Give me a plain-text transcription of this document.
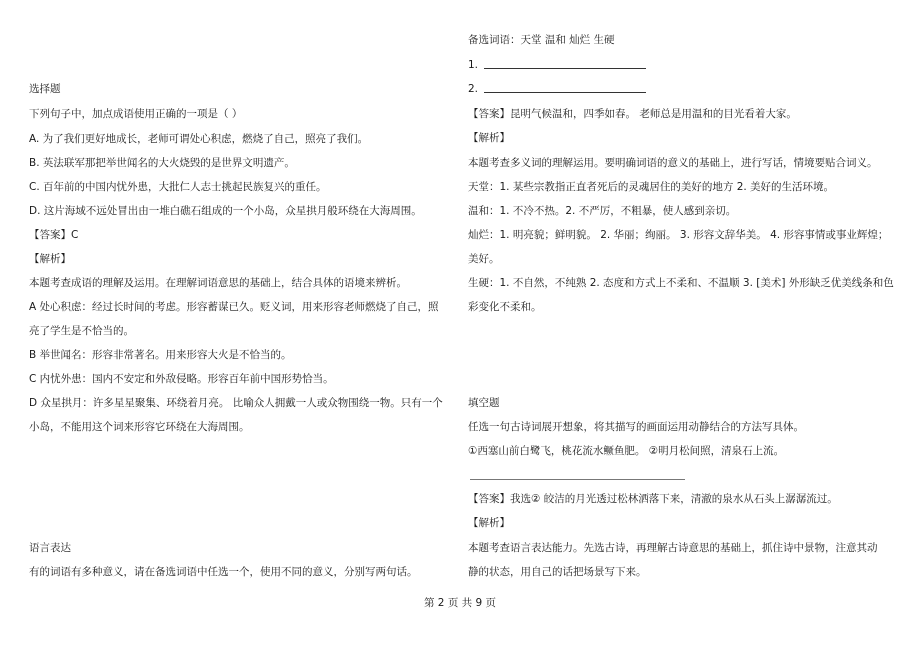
选择题
下列句子中，加点成语使用正确的一项是（ ）
A. 为了我们更好地成长，老师可谓处心积虑，燃烧了自己，照亮了我们。
B. 英法联军那把举世闻名的大火烧毁的是世界文明遗产。
C. 百年前的中国内忧外患，大批仁人志士挑起民族复兴的重任。
D. 这片海域不远处冒出由一堆白礁石组成的一个小岛，众星拱月般环绕在大海周围。
【答案】C
【解析】
本题考查成语的理解及运用。在理解词语意思的基础上，结合具体的语境来辨析。
A 处心积虑：经过长时间的考虑。形容蓄谋已久。贬义词，用来形容老师燃烧了自己，照
亮了学生是不恰当的。
B 举世闻名：形容非常著名。用来形容大火是不恰当的。
C 内忧外患：国内不安定和外敌侵略。形容百年前中国形势恰当。
D 众星拱月：许多星星聚集、环绕着月亮。 比喻众人拥戴一人或众物围绕一物。只有一个
小岛，不能用这个词来形容它环绕在大海周围。
语言表达
有的词语有多种意义，请在备选词语中任选一个，使用不同的意义，分别写两句话。
备选词语：天堂 温和 灿烂 生硬
1.
2.
【答案】昆明气候温和，四季如春。 老师总是用温和的目光看着大家。
【解析】
本题考查多义词的理解运用。要明确词语的意义的基础上，进行写话，情境要贴合词义。
天堂：1. 某些宗教指正直者死后的灵魂居住的美好的地方 2. 美好的生活环境。
温和：1. 不冷不热。2. 不严厉，不粗暴，使人感到亲切。
灿烂：1. 明亮貌；鲜明貌。 2. 华丽；绚丽。 3. 形容文辞华美。 4. 形容事情或事业辉煌；
美好。
生硬：1. 不自然，不纯熟 2. 态度和方式上不柔和、不温顺 3. [美术] 外形缺乏优美线条和色
彩变化不柔和。
填空题
任选一句古诗词展开想象，将其描写的画面运用动静结合的方法写具体。
①西塞山前白鹭飞，桃花流水鳜鱼肥。 ②明月松间照，清泉石上流。
【答案】我选② 皎洁的月光透过松林洒落下来，清澈的泉水从石头上潺潺流过。
【解析】
本题考查语言表达能力。先选古诗，再理解古诗意思的基础上，抓住诗中景物，注意其动
静的状态，用自己的话把场景写下来。
第 2 页 共 9 页
